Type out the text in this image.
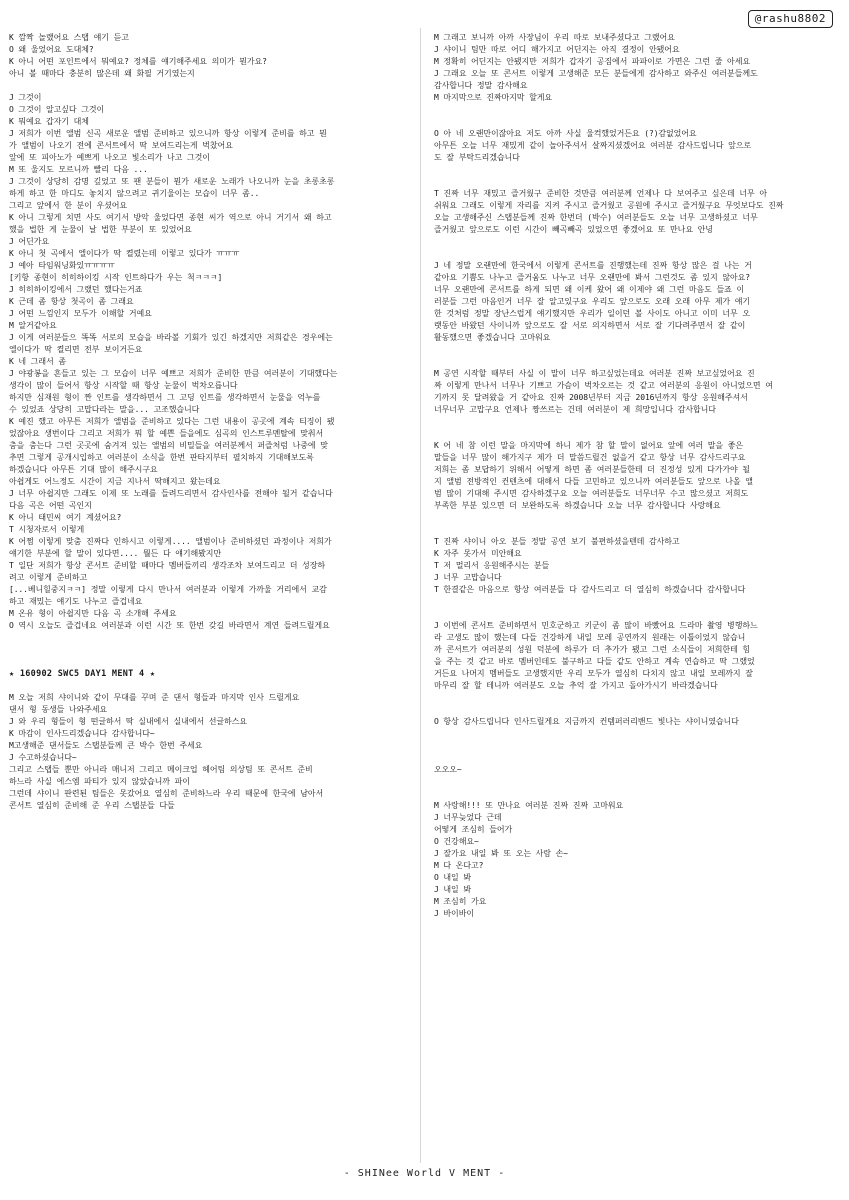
@rashu8802
K 깜짝 놀랬어요 스탭 얘기 듣고
O 왜 울었어요 도대체?
K 아니 어떤 포인트에서 뭐예요? 정체를 얘기해주세요 의미가 뭔가요?
아니 볼 때마다 충분히 많은데 왜 화필 거기였는지
J 그것이
O 그것이 알고싶다 그것이
K 뭐예요 갑자기 대체
J 저희가 이번 앨범 신곡 새로운 앨범 준비하고 있으니까 항상 이렇게 준비를 하고 뭔
가 앨범이 나오기 전에 콘서트에서 딱 보여드리는게 벅찼어요
앞에 또 피아노가 예쁘게 나오고 빛소리가 나고 그것이
M 또 울지도 모르니까 빨리 다음 ...
J 그것이 상당히 감명 깊었고 또 팬 분들이 뭔가 새로운 노래가 나오니까 눈을 초롱초롱
하게 하고 한 마디도 놓치지 않으려고 귀기울이는 모습이 너무 좀..
그리고 앞에서 한 분이 우셨어요
K 아니 그렇게 치면 사도 여기서 방악 울었다면 종현 씨가 역으로 아니 거기서 왜 하고
했을 법한 게 눈물이 날 법한 부분이 또 있었어요
J 어딘가요
K 아니 첫 곡에서 엘이다가 딱 켤렸는데 이렇고 있다가 ㅠㅠㅠ
J 예아 타임워닝화있ㅠㅠㅠㅠ
[키항 종현이 히히하이킹 시작 인트하다가 우는 척ㅋㅋㅋ]
J 히히하이킹에서 그랬던 했다는거죠
K 근데 좀 항상 첫곡이 좀 그래요
J 어떤 느낌인지 모두가 이해할 거예요
M 알거같아요
J 이게 여러분들으 똑똑 서로의 모습을 바라볼 기회가 있긴 하겠지만 저희같은 경우에는
엘이다가 딱 켤리면 전부 보이거든요
K 네 그래서 좀
J 야광봉을 흔들고 있는 그 모습이 너무 예쁘고 저희가 준비한 만큼 여러분이 기대했다는
생각이 많이 들어서 항상 시작할 때 항상 눈물이 벅차오릅니다
하지만 심재원 형이 짠 인트를 생각하면서 그 고딩 인트를 생각하면서 눈물을 억누를
수 있었죠 상당히 고맙다라는 말을... 고조했습니다
K 예진 했고 아무튼 저희가 앨범을 준비하고 있다는 그런 내용이 공곳에 계속 티징이 됐
었잖아요 생번이다 그리고 저희가 뭐 할 예쁜 들을에도 심곡의 인스트루멘탈에 맞춰서
춤을 춤는다 그런 곳곳에 숨겨져 있는 앨범의 비밀들을 여러분께서 퍼즐처럼 나중에 맞
추면 그렇게 공개시입하고 여러분이 소식을 한번 판타지부터 펼치하지 기대해보도록
하겠습니다 아무튼 기대 많이 해주시구요
아쉽게도 어느정도 시간이 지금 지나서 딱해지고 왔는데요
J 너무 아쉽지만 그래도 이제 또 노래를 들려드리면서 감사인사를 전해야 될거 같습니다
다음 곡은 어떤 곡인지
K 아니 태민씨 여기 계셨어요?
T 시청자로서 이렇게
K 어쩜 이렇게 맞춤 진짜다 인하시고 이렇게.... 앨범이나 준비하셨던 과정이나 저희가
얘기한 부분에 할 말이 있다면.... 뭘든 다 얘기해봤지만
T 일단 저희가 항상 콘서트 준비할 때마다 멤버들끼리 생각조차 보여드리고 더 성장하
려고 이렇게 준비하고
[...베니힐중지ㅋㅋ] 정말 이렇게 다시 만나서 여러분과 이렇게 가까울 거리에서 교감
하고 재밌는 얘기도 나누고 즐겁네요
M 온유 형이 아쉽지만 다음 곡 소개해 주세요
O 역시 오늘도 즐겁네요 여러분과 이런 시간 또 한번 갖길 바라면서 계연 들려드릴게요
★ 160902 SWC5 DAY1 MENT 4 ★
M 오늘 저희 샤이니와 같이 무대를 꾸며 준 댄서 형들과 마지막 인사 드릴게요
댄서 형 동생들 나와주세요
J 와 우리 형들이 형 떤글하서 딱 실내에서 실내에서 선글하스요
K 마감이 인사드리겠습니다 감사합니다~
M고생해준 댄서들도 스탭분들께 큰 박수 한번 주세요
J 수고하셨습니다~
그리고 스탭들 뿐만 아니라 매니저 그리고 메이크업 헤어팀 의상팀 또 콘서트 준비
하느라 사실 에스엠 파티가 있지 않았습니까 파이
그런데 샤이니 판련된 팀들은 못갔어요 열심히 준비하느라 우리 때문에 한국에 남아서
콘서트 열심히 준비해 준 우리 스탭분들 다들
M 그래고 보니까 아까 사장님이 우리 따로 보내주셨다고 그랬어요
J 샤이니 팀만 따로 어디 해가지고 어딘지는 아직 결정이 안됐어요
M 정확히 어딘지는 안됐지만 저희가 갑자기 공짐에서 파파이로 가면은 그런 줄 아세요
J 그래요 오늘 또 콘서트 이렇게 고생해준 모든 분들에게 감사하고 와주신 여러분들께도
감사합니다 정말 감사해요
M 마지막으로 진짜마지막 할게요
O 아 네 오랜만이잖아요 저도 아까 사실 울컥했었거든요 (?)감없었어요
아무튼 오늘 너무 재밌게 같이 놀아주셔서 살짜지셨겠어요 여러분 감사드립니다 앞으로
도 잘 부탁드리겠습니다
T 진짜 너무 재밌고 즐거웠구 준비한 것만큼 여러분께 언제나 다 보여주고 싶은데 너무 아
쉬워요 그래도 이렇게 자리를 지켜 주시고 즐거웠고 공원에 주시고 즐거웠구요 무엇보다도 진짜
오늘 고생해주신 스탭분들께 진짜 한번더 (박수) 여러분들도 오늘 너무 고생하셨고 너무
즐거웠고 앞으로도 이런 시간이 빼곡빼곡 있었으면 좋겠어요 또 만나요 안녕
J 네 정말 오랜만에 한국에서 이렇게 콘서트를 진행했는데 진짜 항상 많은 걸 나는 거
같아요 기쁨도 나누고 즐거움도 나누고 너무 오랜만에 봐서 그런것도 좀 있지 않아요?
너무 오랜만에 콘서트를 하게 되면 왜 이케 왔어 왜 이제야 왜 그런 마음도 들죠 이
러분들 그런 마음인거 너무 잘 알고있구요 우리도 앞으로도 오래 오래 아무 제가 얘기
한 것처럼 정말 장난스럽게 얘기했지만 우리가 일이던 볼 사이도 아니고 이미 너무 오
랫동안 바왔던 사이니까 앞으로도 잘 서로 의지하면서 서로 잘 기다려주면서 잘 같이
활동했으면 좋겠습니다 고마워요
M 공연 시작할 때부터 사실 이 말이 너무 하고싶었는데요 여러분 진짜 보고싶었어요 진
짜 이렇게 만나서 너무나 기쁘고 가슴이 벅차오르는 것 같고 여러분의 응원이 아니었으면 여
기까지 못 달려왔을 거 같아요 진짜 2008년부터 지금 2016년까지 항상 응원해주셔서
너무너무 고맙구요 언제나 짱쓰르는 건데 여러분이 제 희망입니다 감사합니다
K 어 네 참 이런 말을 마지막에 하니 제가 참 할 말이 없어요 앞에 여러 말을 좋은
말들을 너무 많이 해가지구 제가 더 말씀드릴건 없을거 같고 항상 너무 감사드리구요
저희는 좀 보답하기 위해서 어떻게 하면 좀 여러분들한테 더 진정성 있게 다가가야 될
지 앨범 전방적인 컨텐츠에 대해서 다들 고민하고 있으니까 여러분들도 앞으로 나올 앨
범 많이 기대해 주시면 감사하겠구요 오늘 여러분들도 너무너무 수고 많으셨고 저희도
부족한 부분 있으면 더 보완하도록 하겠습니다 오늘 너무 감사합니다 사랑해요
T 진짜 샤이니 아오 분들 정말 공연 보기 불편하셨을텐데 감사하고
K 자주 못가서 미안해요
T 저 멀리서 응원해주시는 분들
J 너무 고맙습니다
T 한결같은 마음으로 항상 여러분들 다 감사드리고 더 열심히 하겠습니다 감사합니다
J 이번에 콘서트 준비하면서 민호군하고 키군이 좀 많이 바빴어요 드라마 촬영 병행하느
라 고생도 많이 했는데 다들 건강하게 내일 모레 공연까지 원래는 이틀이었지 않습니
까 콘서트가 여러분의 성원 덕분에 하루가 더 추가가 됐고 그런 소식들이 저희한테 힘
을 주는 것 같고 바로 멤버인데도 불구하고 다들 같도 안하고 계속 연습하고 딱 그랬었
거든요 나머지 멤버들도 고생했지만 우리 모두가 열심히 다치지 않고 내일 모레까지 잘
마무리 잘 할 테니까 여러분도 오늘 추억 잘 가지고 돌아가시기 바라겠습니다
O 항상 감사드립니다 인사드릴게요 지금까지 컨템퍼러리밴드 빛나는 샤이니였습니다
오오오~
M 사랑해!!! 또 만나요 여러분 진짜 진짜 고마워요
J 너무늦었다 근데
어떻게 조심히 들어가
O 건강해요~
J 잘가요 내일 봐 또 오는 사람 손~
M 다 온다고?
O 내일 봐
J 내일 봐
M 조심히 가요
J 바이바이
- SHINee World V MENT -
